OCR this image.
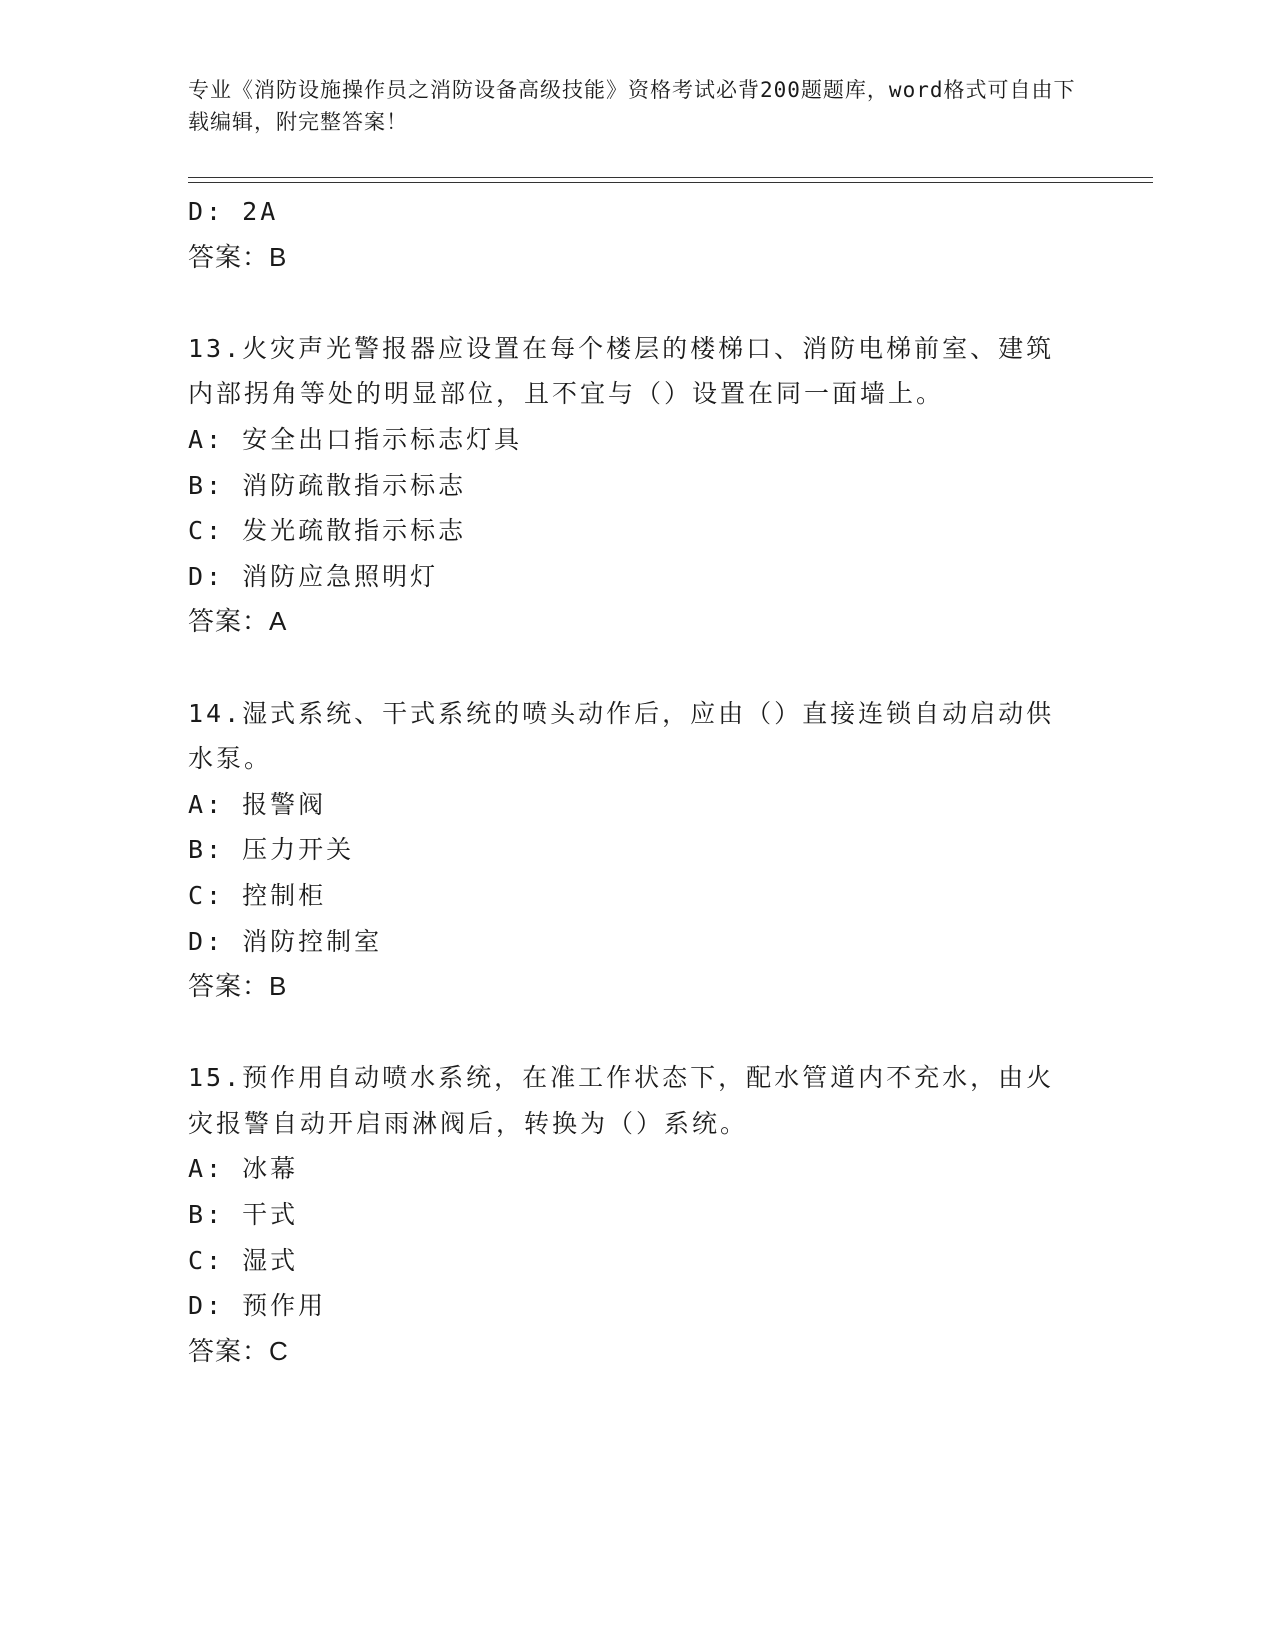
专业《消防设施操作员之消防设备高级技能》资格考试必背200题题库，word格式可自由下载编辑，附完整答案！
D: 2A
答案：B
13.火灾声光警报器应设置在每个楼层的楼梯口、消防电梯前室、建筑内部拐角等处的明显部位，且不宜与（）设置在同一面墙上。
A: 安全出口指示标志灯具
B: 消防疏散指示标志
C: 发光疏散指示标志
D: 消防应急照明灯
答案：A
14.湿式系统、干式系统的喷头动作后，应由（）直接连锁自动启动供水泵。
A: 报警阀
B: 压力开关
C: 控制柜
D: 消防控制室
答案：B
15.预作用自动喷水系统，在准工作状态下，配水管道内不充水，由火灾报警自动开启雨淋阀后，转换为（）系统。
A: 冰幕
B: 干式
C: 湿式
D: 预作用
答案：C
